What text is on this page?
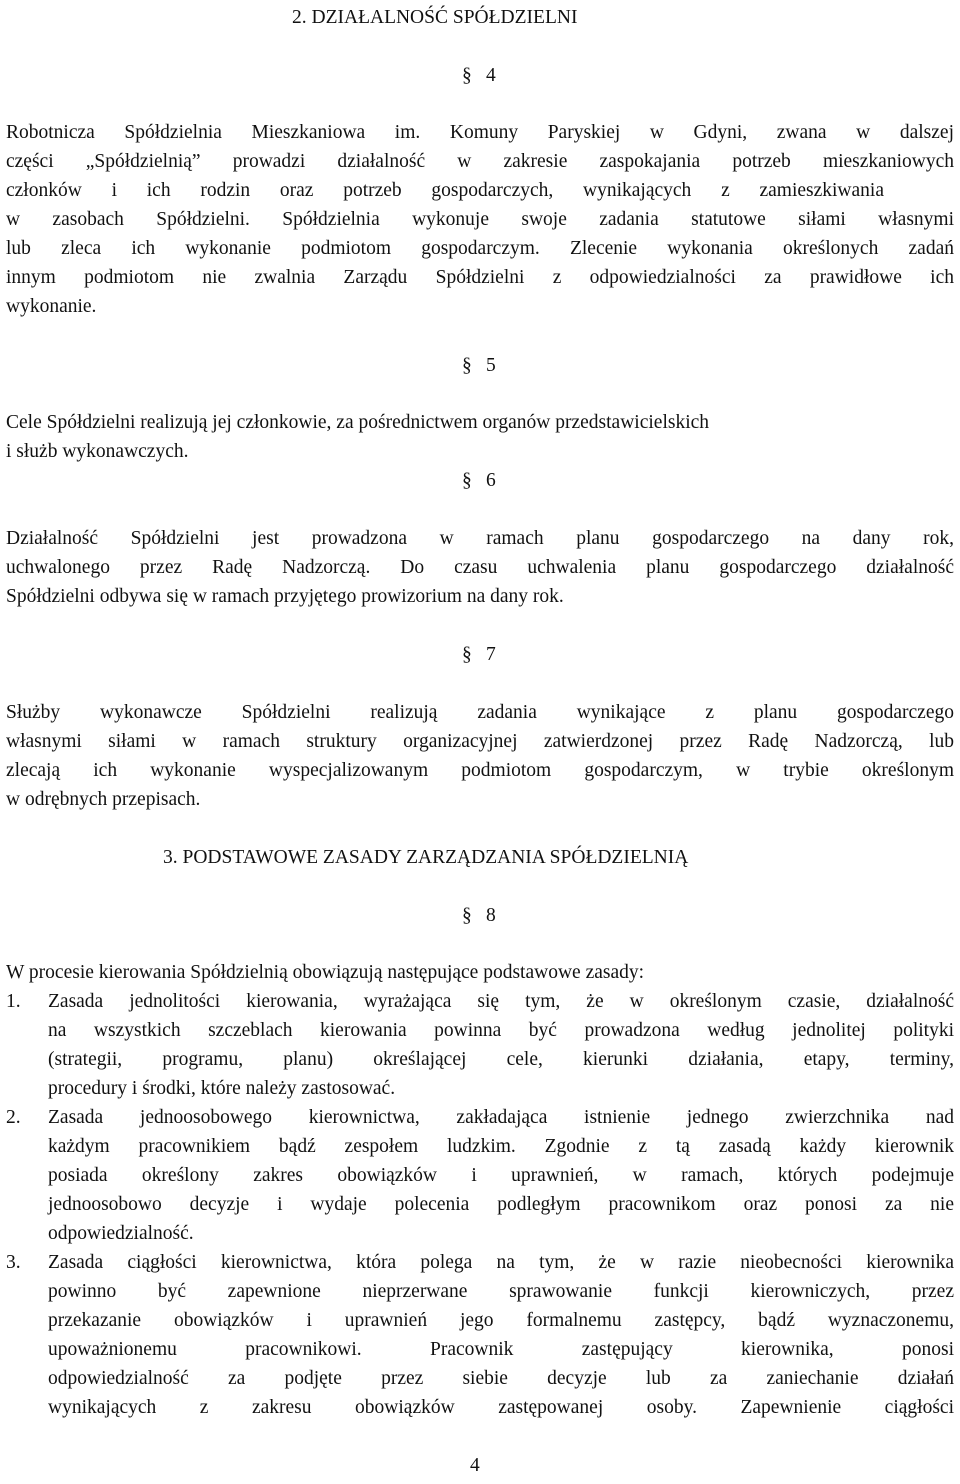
2. DZIAŁALNOŚĆ SPÓŁDZIELNI
§ 4
Robotnicza Spółdzielnia Mieszkaniowa im. Komuny Paryskiej w Gdyni, zwana w dalszej
części „Spółdzielnią” prowadzi działalność w zakresie zaspokajania potrzeb mieszkaniowych
członków i ich rodzin oraz potrzeb gospodarczych, wynikających z zamieszkiwania
w zasobach Spółdzielni. Spółdzielnia wykonuje swoje zadania statutowe siłami własnymi
lub zleca ich wykonanie podmiotom gospodarczym. Zlecenie wykonania określonych zadań
innym podmiotom nie zwalnia Zarządu Spółdzielni z odpowiedzialności za prawidłowe ich
wykonanie.
§ 5
Cele Spółdzielni realizują jej członkowie, za pośrednictwem organów przedstawicielskich
i służb wykonawczych.
§ 6
Działalność Spółdzielni jest prowadzona w ramach planu gospodarczego na dany rok,
uchwalonego przez Radę Nadzorczą. Do czasu uchwalenia planu gospodarczego działalność
Spółdzielni odbywa się w ramach przyjętego prowizorium na dany rok.
§ 7
Służby wykonawcze Spółdzielni realizują zadania wynikające z planu gospodarczego
własnymi siłami w ramach struktury organizacyjnej zatwierdzonej przez Radę Nadzorczą, lub
zlecają ich wykonanie wyspecjalizowanym podmiotom gospodarczym, w trybie określonym
w odrębnych przepisach.
3. PODSTAWOWE ZASADY ZARZĄDZANIA SPÓŁDZIELNIĄ
§ 8
W procesie kierowania Spółdzielnią obowiązują następujące podstawowe zasady:
1. Zasada jednolitości kierowania, wyrażająca się tym, że w określonym czasie, działalność
na wszystkich szczeblach kierowania powinna być prowadzona według jednolitej polityki
(strategii, programu, planu) określającej cele, kierunki działania, etapy, terminy,
procedury i środki, które należy zastosować.
2. Zasada jednoosobowego kierownictwa, zakładająca istnienie jednego zwierzchnika nad
każdym pracownikiem bądź zespołem ludzkim. Zgodnie z tą zasadą każdy kierownik
posiada określony zakres obowiązków i uprawnień, w ramach, których podejmuje
jednoosobowo decyzje i wydaje polecenia podległym pracownikom oraz ponosi za nie
odpowiedzialność.
3. Zasada ciągłości kierownictwa, która polega na tym, że w razie nieobecności kierownika
powinno być zapewnione nieprzerwane sprawowanie funkcji kierowniczych, przez
przekazanie obowiązków i uprawnień jego formalnemu zastępcy, bądź wyznaczonemu,
upoważnionemu pracownikowi. Pracownik zastępujący kierownika, ponosi
odpowiedzialność za podjęte przez siebie decyzje lub za zaniechanie działań
wynikających z zakresu obowiązków zastępowanej osoby. Zapewnienie ciągłości
4
